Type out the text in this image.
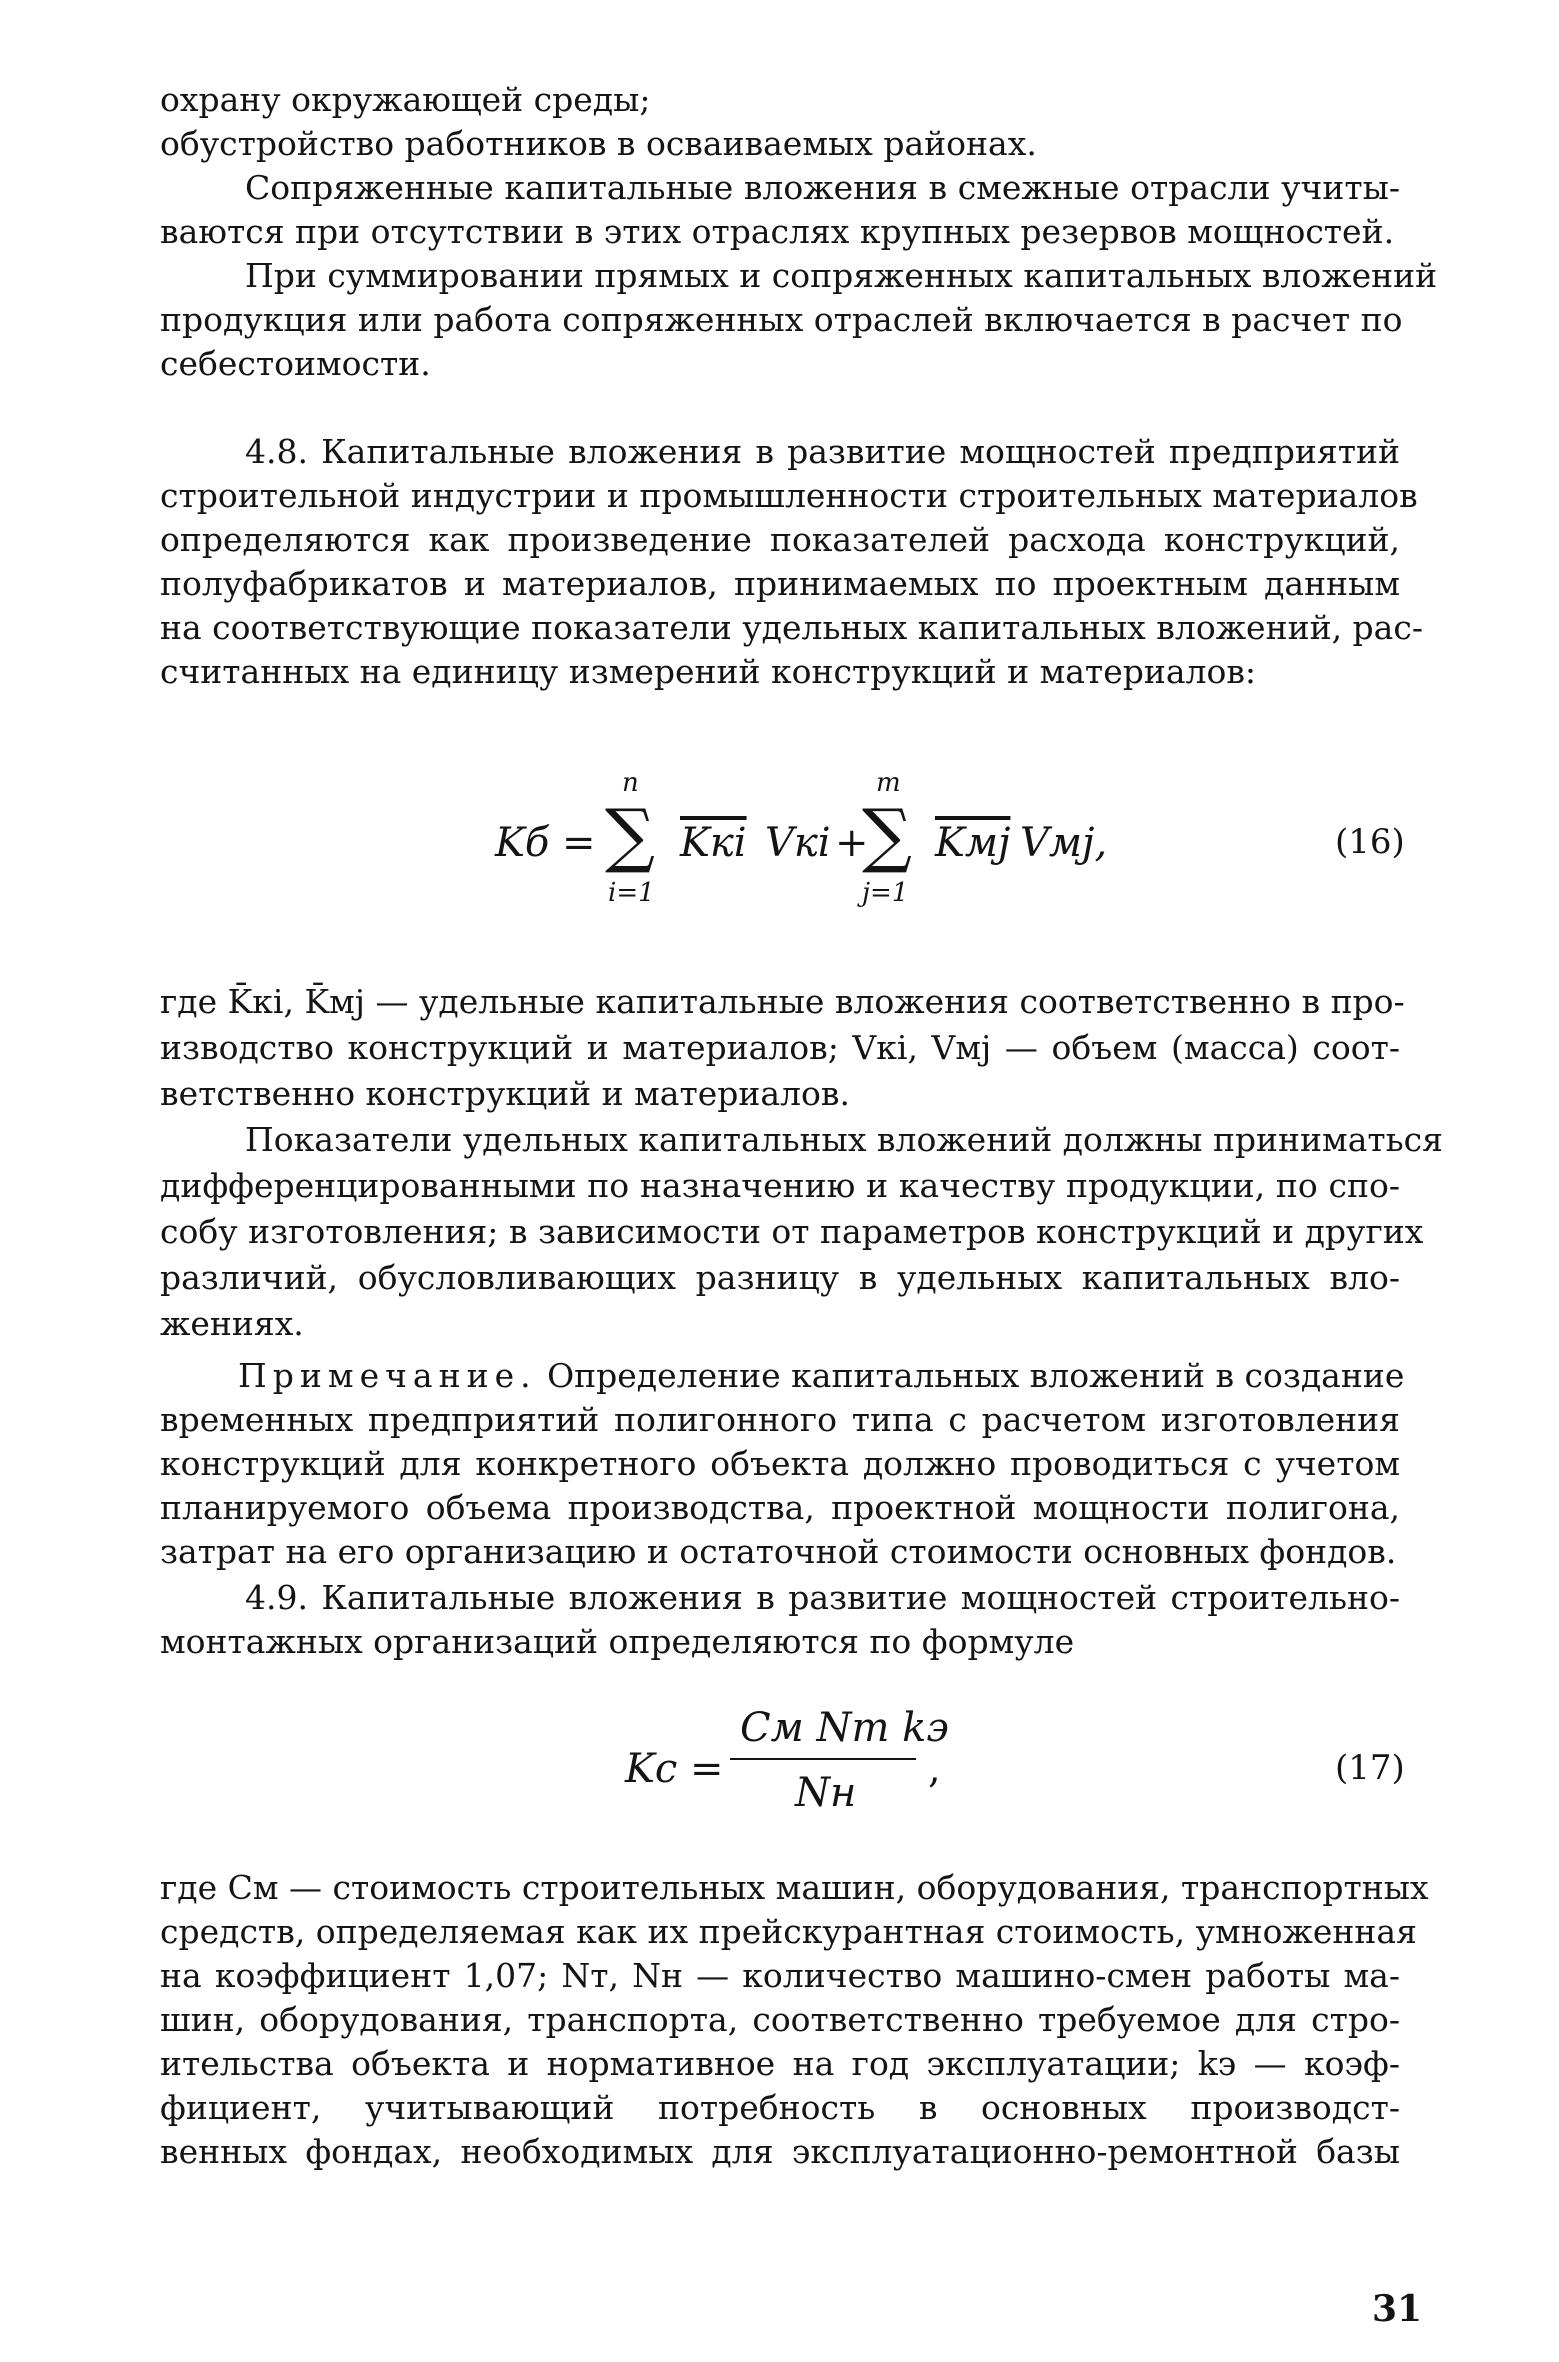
охрану окружающей среды;
обустройство работников в осваиваемых районах.
Сопряженные капитальные вложения в смежные отрасли учиты-
ваются при отсутствии в этих отраслях крупных резервов мощностей.
При суммировании прямых и сопряженных капитальных вложений
продукция или работа сопряженных отраслей включается в расчет по
себестоимости.
4.8. Капитальные вложения в развитие мощностей предприятий
строительной индустрии и промышленности строительных материалов
определяются как произведение показателей расхода конструкций,
полуфабрикатов и материалов, принимаемых по проектным данным
на соответствующие показатели удельных капитальных вложений, рас-
считанных на единицу измерений конструкций и материалов:
Kб =
n
∑
i=1
Kкi Vкi +
m
∑
j=1
Kмj Vмj,	(16)
где K̄кi, K̄мj — удельные капитальные вложения соответственно в про-
изводство конструкций и материалов; Vкi, Vмj — объем (масса) соот-
ветственно конструкций и материалов.
Показатели удельных капитальных вложений должны приниматься
дифференцированными по назначению и качеству продукции, по спо-
собу изготовления; в зависимости от параметров конструкций и других
различий, обусловливающих разницу в удельных капитальных вло-
жениях.
Примечание. Определение капитальных вложений в создание
временных предприятий полигонного типа с расчетом изготовления
конструкций для конкретного объекта должно проводиться с учетом
планируемого объема производства, проектной мощности полигона,
затрат на его организацию и остаточной стоимости основных фондов.
4.9. Капитальные вложения в развитие мощностей строительно-
монтажных организаций определяются по формуле
Kс =
Cм Nт kэ
Nн
,	(17)
где Cм — стоимость строительных машин, оборудования, транспортных
средств, определяемая как их прейскурантная стоимость, умноженная
на коэффициент 1,07; Nт, Nн — количество машино-смен работы ма-
шин, оборудования, транспорта, соответственно требуемое для стро-
ительства объекта и нормативное на год эксплуатации; kэ — коэф-
фициент, учитывающий потребность в основных производст-
венных фондах, необходимых для эксплуатационно-ремонтной базы
31
